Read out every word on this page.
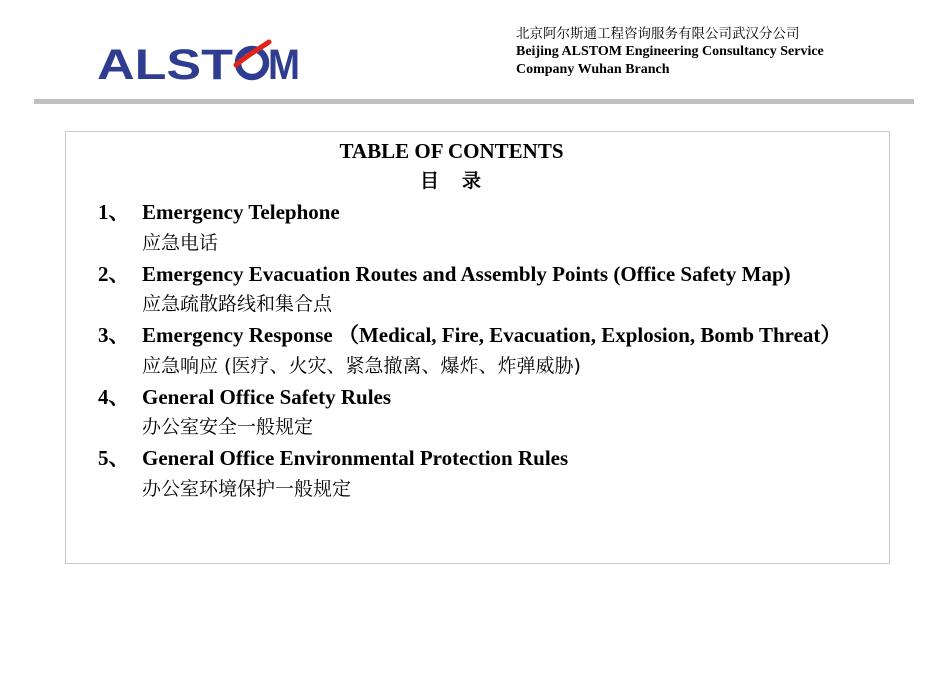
ALST M
北京阿尔斯通工程咨询服务有限公司武汉分公司
Beijing ALSTOM Engineering Consultancy Service
Company Wuhan Branch
TABLE OF CONTENTS
目　录
1、 Emergency Telephone
应急电话
2、 Emergency Evacuation Routes and Assembly Points (Office Safety Map)
应急疏散路线和集合点
3、 Emergency Response （Medical, Fire, Evacuation, Explosion, Bomb Threat）
应急响应 (医疗、火灾、紧急撤离、爆炸、炸弹威胁)
4、 General Office Safety Rules
办公室安全一般规定
5、 General Office Environmental Protection Rules
办公室环境保护一般规定
